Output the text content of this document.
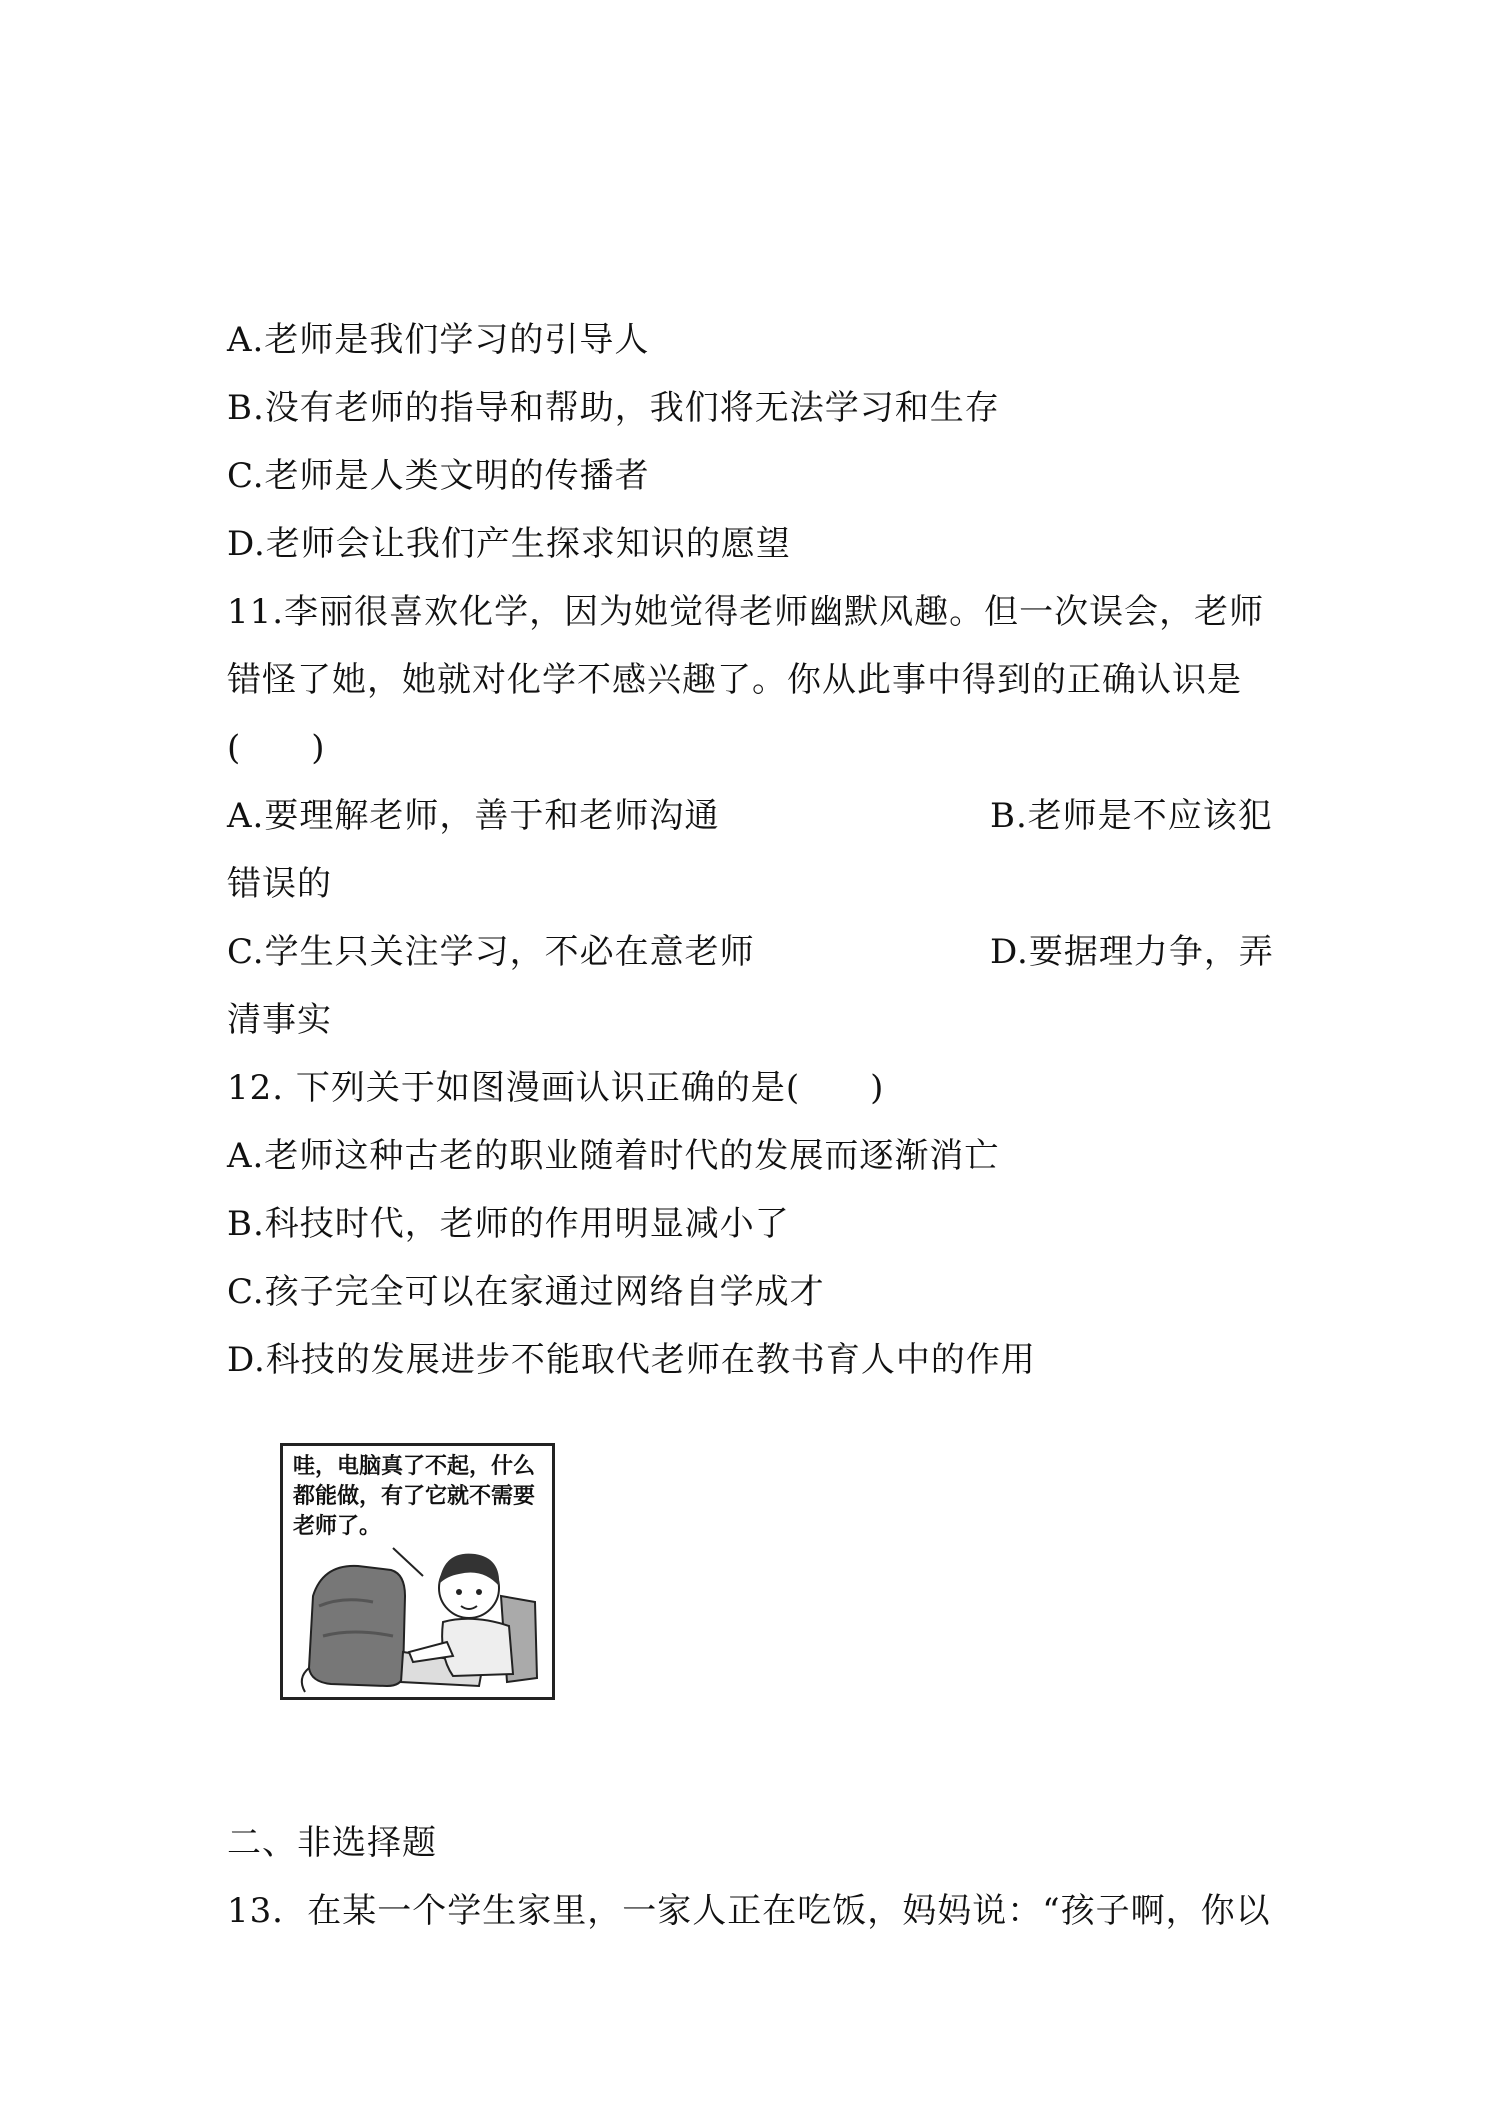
A.老师是我们学习的引导人
B.没有老师的指导和帮助，我们将无法学习和生存
C.老师是人类文明的传播者
D.老师会让我们产生探求知识的愿望
11.李丽很喜欢化学，因为她觉得老师幽默风趣。但一次误会，老师
错怪了她，她就对化学不感兴趣了。你从此事中得到的正确认识是
(　　)
A.要理解老师，善于和老师沟通	B.老师是不应该犯
错误的
C.学生只关注学习，不必在意老师	D.要据理力争，弄
清事实
12. 下列关于如图漫画认识正确的是(　　)
A.老师这种古老的职业随着时代的发展而逐渐消亡
B.科技时代，老师的作用明显减小了
C.孩子完全可以在家通过网络自学成才
D.科技的发展进步不能取代老师在教书育人中的作用
哇，电脑真了不起，什么
都能做，有了它就不需要
老师了。
二、非选择题
13．在某一个学生家里，一家人正在吃饭，妈妈说：“孩子啊，你以
